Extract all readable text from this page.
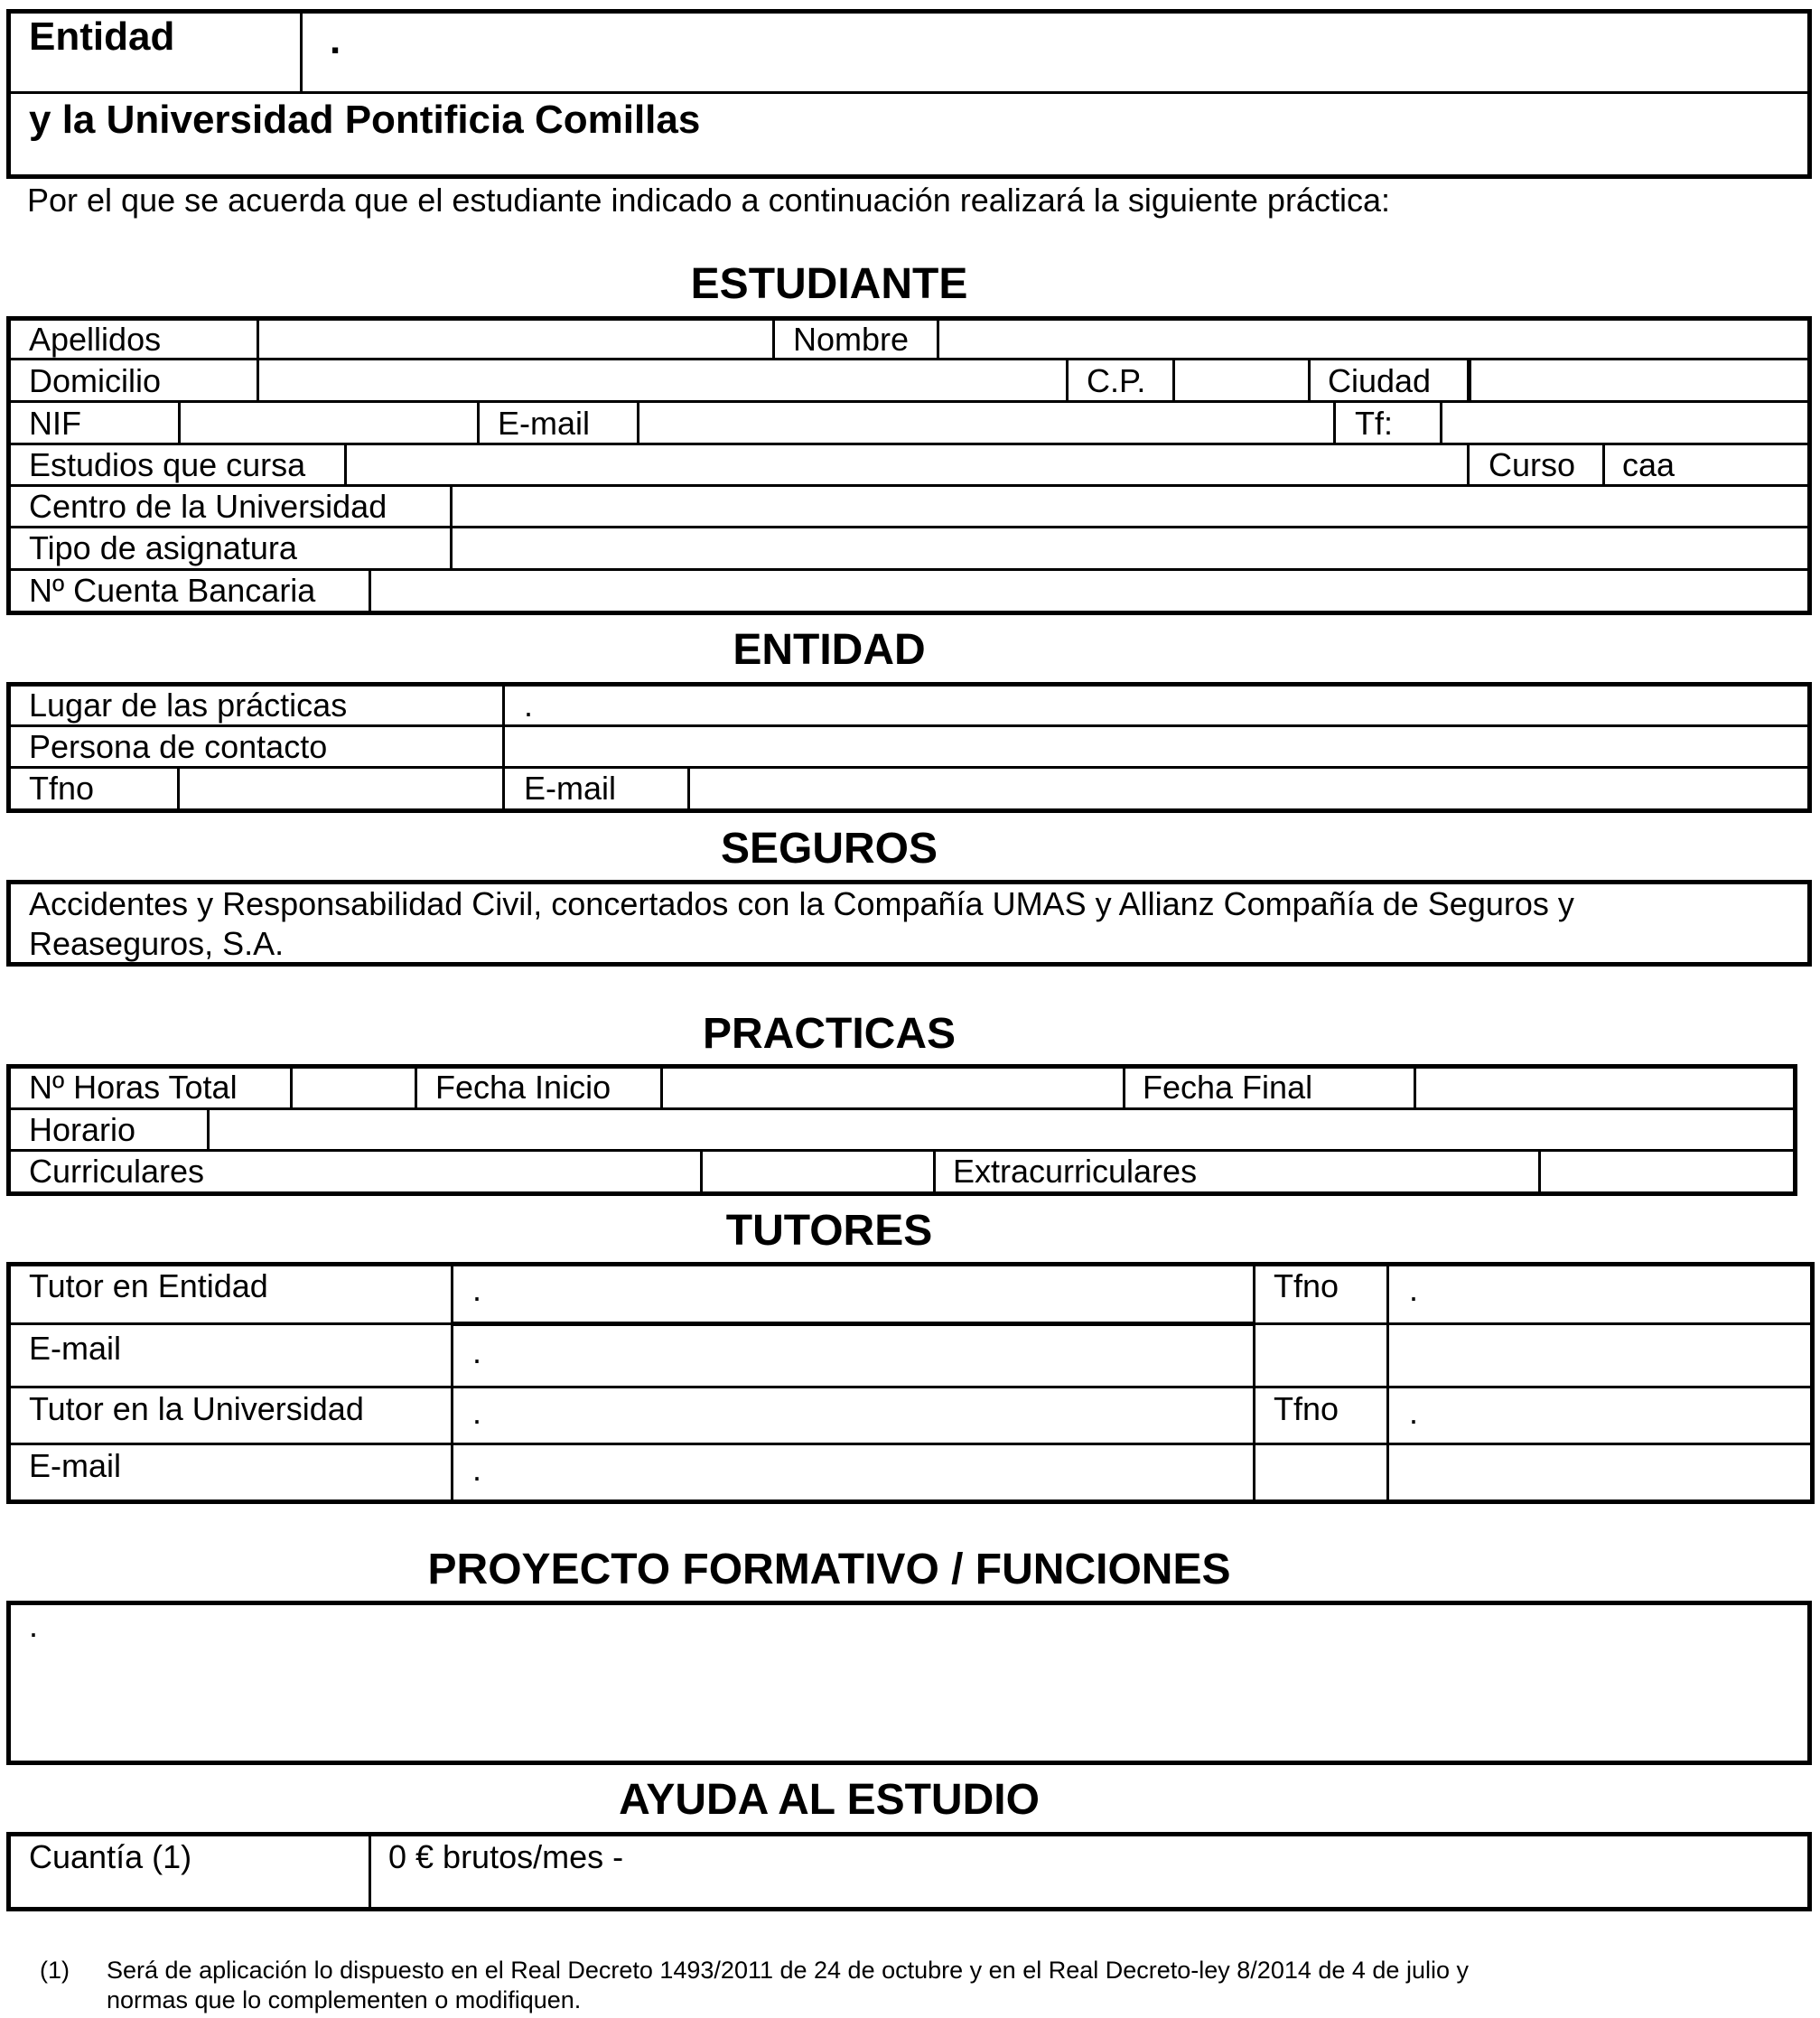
Entidad	.
y la Universidad Pontificia Comillas
Por el que se acuerda que el estudiante indicado a continuación realizará la siguiente práctica:
ESTUDIANTE
Apellidos	Nombre
Domicilio	C.P.	Ciudad
NIF	E-mail	Tf:
Estudios que cursa	Curso caa
Centro de la Universidad
Tipo de asignatura
Nº Cuenta Bancaria
ENTIDAD
Lugar de las prácticas	.
Persona de contacto
Tfno	E-mail
SEGUROS
Accidentes y Responsabilidad Civil, concertados con la Compañía UMAS y Allianz Compañía de Seguros y
Reaseguros, S.A.
PRACTICAS
Nº Horas Total	Fecha Inicio	Fecha Final
Horario
Curriculares	Extracurriculares
TUTORES
Tutor en Entidad	.	Tfno .
E-mail	.
Tutor en la Universidad	.	Tfno .
E-mail	.
PROYECTO FORMATIVO / FUNCIONES
.
AYUDA AL ESTUDIO
Cuantía (1)	0 € brutos/mes -
(1) Será de aplicación lo dispuesto en el Real Decreto 1493/2011 de 24 de octubre y en el Real Decreto-ley 8/2014 de 4 de julio y
normas que lo complementen o modifiquen.
